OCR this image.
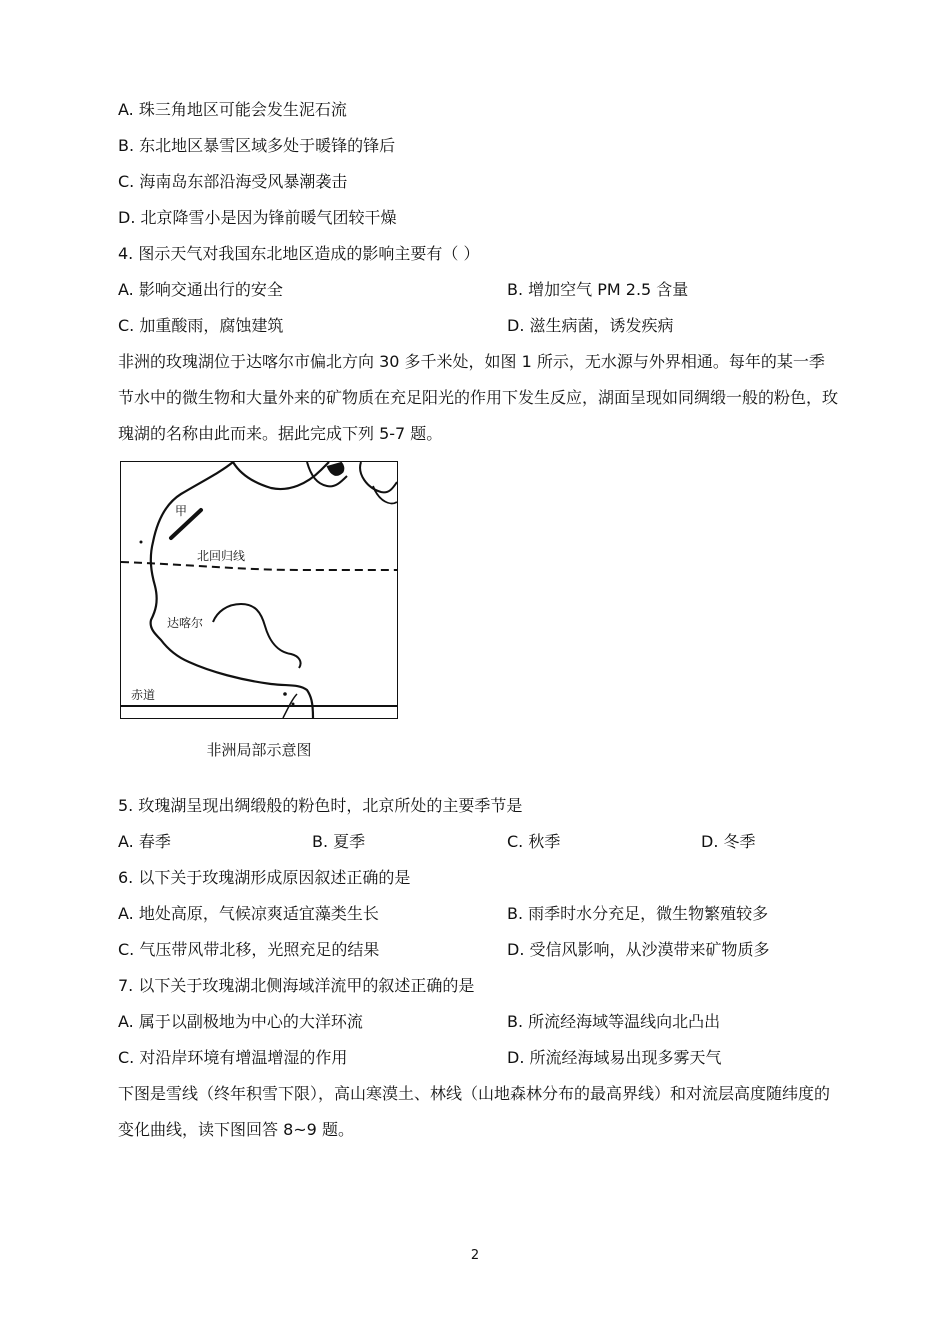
A. 珠三角地区可能会发生泥石流
B. 东北地区暴雪区域多处于暖锋的锋后
C. 海南岛东部沿海受风暴潮袭击
D. 北京降雪小是因为锋前暖气团较干燥
4. 图示天气对我国东北地区造成的影响主要有（ ）
A. 影响交通出行的安全	B. 增加空气 PM 2.5 含量
C. 加重酸雨，腐蚀建筑	D. 滋生病菌，诱发疾病
非洲的玫瑰湖位于达喀尔市偏北方向 30 多千米处，如图 1 所示，无水源与外界相通。每年的某一季节水中的微生物和大量外来的矿物质在充足阳光的作用下发生反应，湖面呈现如同绸缎一般的粉色，玫瑰湖的名称由此而来。据此完成下列 5-7 题。
甲
北回归线
达喀尔
赤道
非洲局部示意图
5. 玫瑰湖呈现出绸缎般的粉色时，北京所处的主要季节是
A. 春季	B. 夏季	C. 秋季	D. 冬季
6. 以下关于玫瑰湖形成原因叙述正确的是
A. 地处高原，气候凉爽适宜藻类生长	B. 雨季时水分充足，微生物繁殖较多
C. 气压带风带北移，光照充足的结果	D. 受信风影响，从沙漠带来矿物质多
7. 以下关于玫瑰湖北侧海域洋流甲的叙述正确的是
A. 属于以副极地为中心的大洋环流	B. 所流经海域等温线向北凸出
C. 对沿岸环境有增温增湿的作用	D. 所流经海域易出现多雾天气
下图是雪线（终年积雪下限），高山寒漠土、林线（山地森林分布的最高界线）和对流层高度随纬度的变化曲线，读下图回答 8~9 题。
2
